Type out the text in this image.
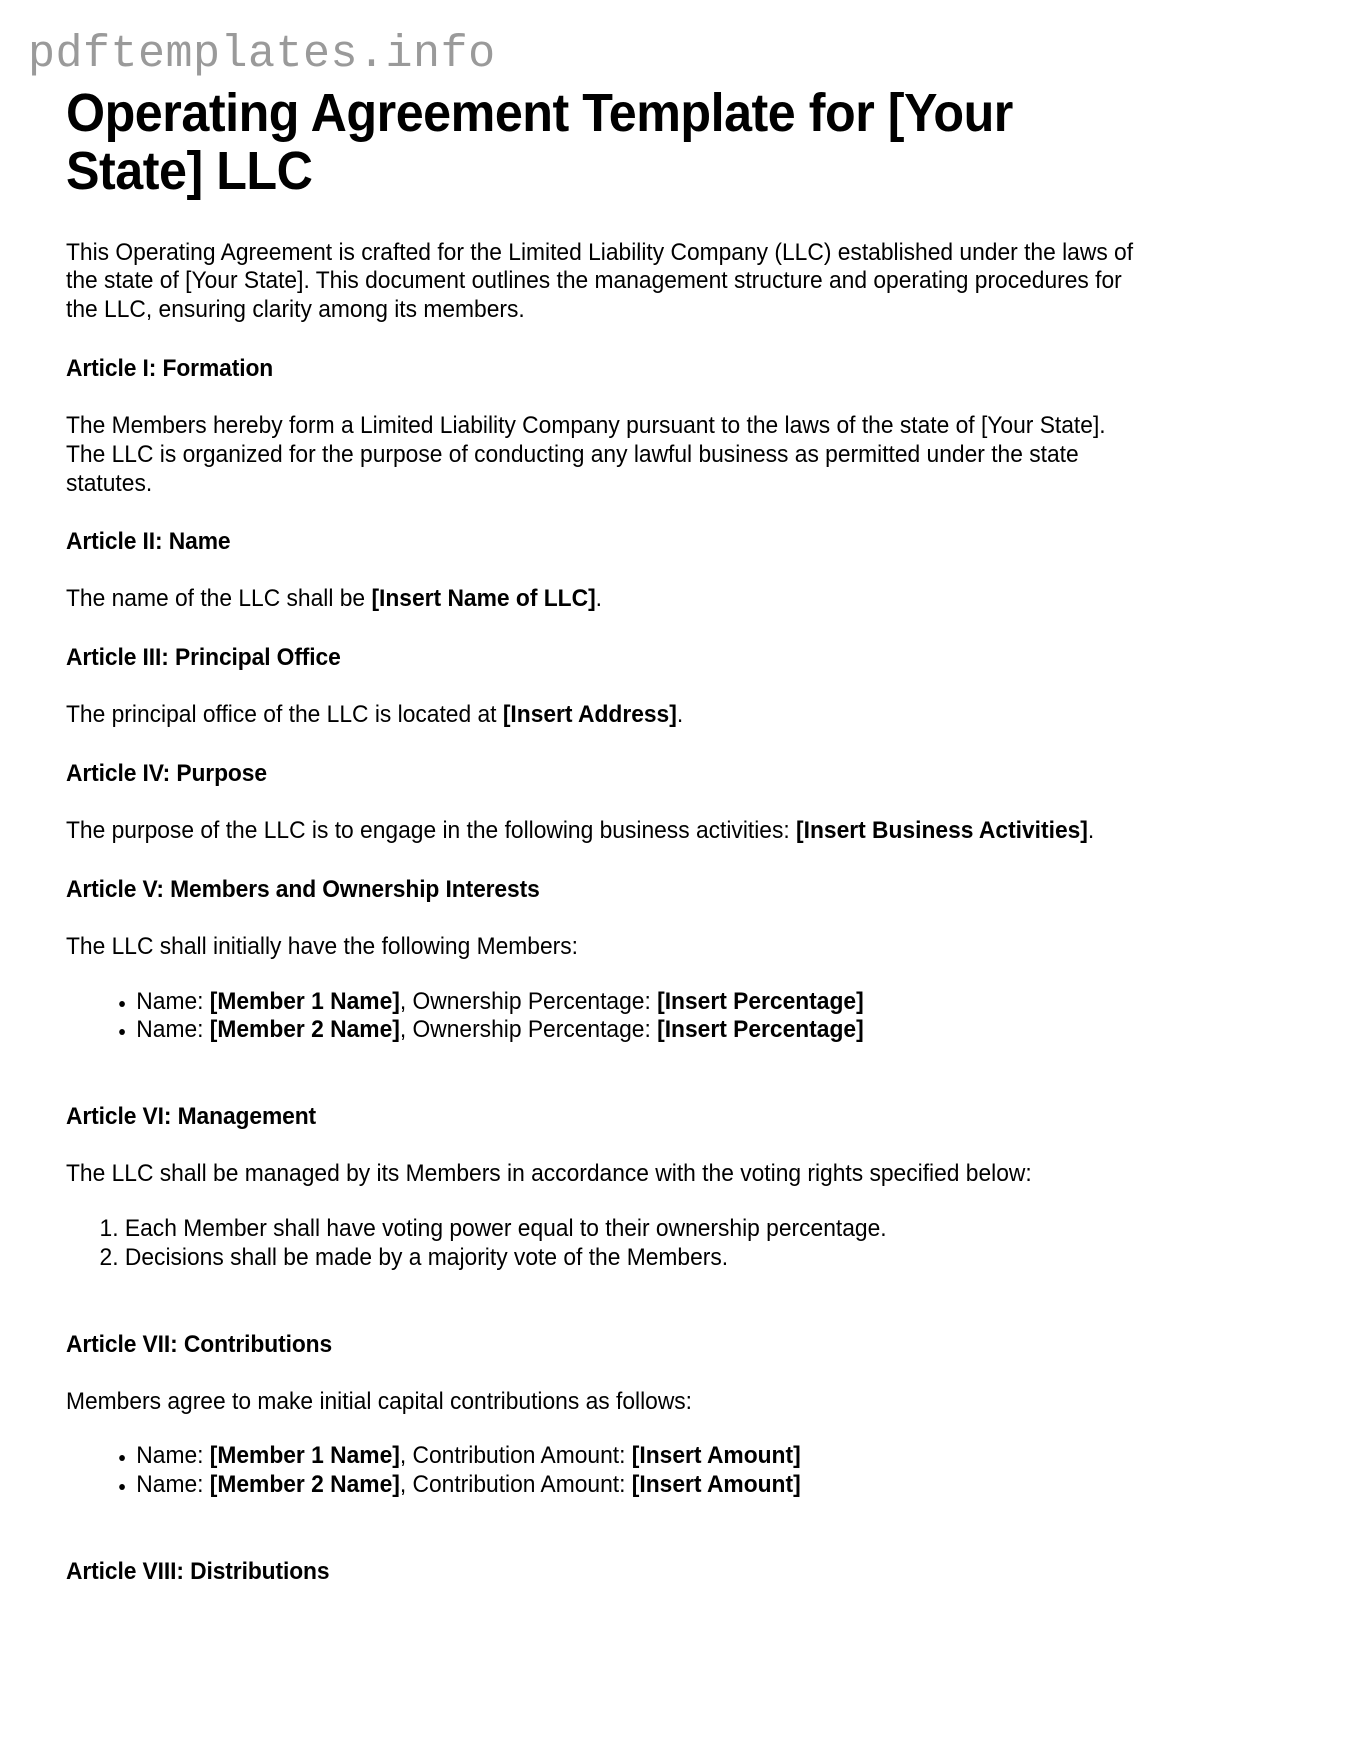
pdftemplates.info
Operating Agreement Template for [Your State] LLC

This Operating Agreement is crafted for the Limited Liability Company (LLC) established under the laws of the state of [Your State]. This document outlines the management structure and operating procedures for the LLC, ensuring clarity among its members.

Article I: Formation

The Members hereby form a Limited Liability Company pursuant to the laws of the state of [Your State]. The LLC is organized for the purpose of conducting any lawful business as permitted under the state statutes.

Article II: Name

The name of the LLC shall be [Insert Name of LLC].

Article III: Principal Office

The principal office of the LLC is located at [Insert Address].

Article IV: Purpose

The purpose of the LLC is to engage in the following business activities: [Insert Business Activities].

Article V: Members and Ownership Interests

The LLC shall initially have the following Members:

• Name: [Member 1 Name], Ownership Percentage: [Insert Percentage]
• Name: [Member 2 Name], Ownership Percentage: [Insert Percentage]
Article VI: Management

The LLC shall be managed by its Members in accordance with the voting rights specified below:

1. Each Member shall have voting power equal to their ownership percentage.
2. Decisions shall be made by a majority vote of the Members.
Article VII: Contributions

Members agree to make initial capital contributions as follows:

• Name: [Member 1 Name], Contribution Amount: [Insert Amount]
• Name: [Member 2 Name], Contribution Amount: [Insert Amount]
Article VIII: Distributions
